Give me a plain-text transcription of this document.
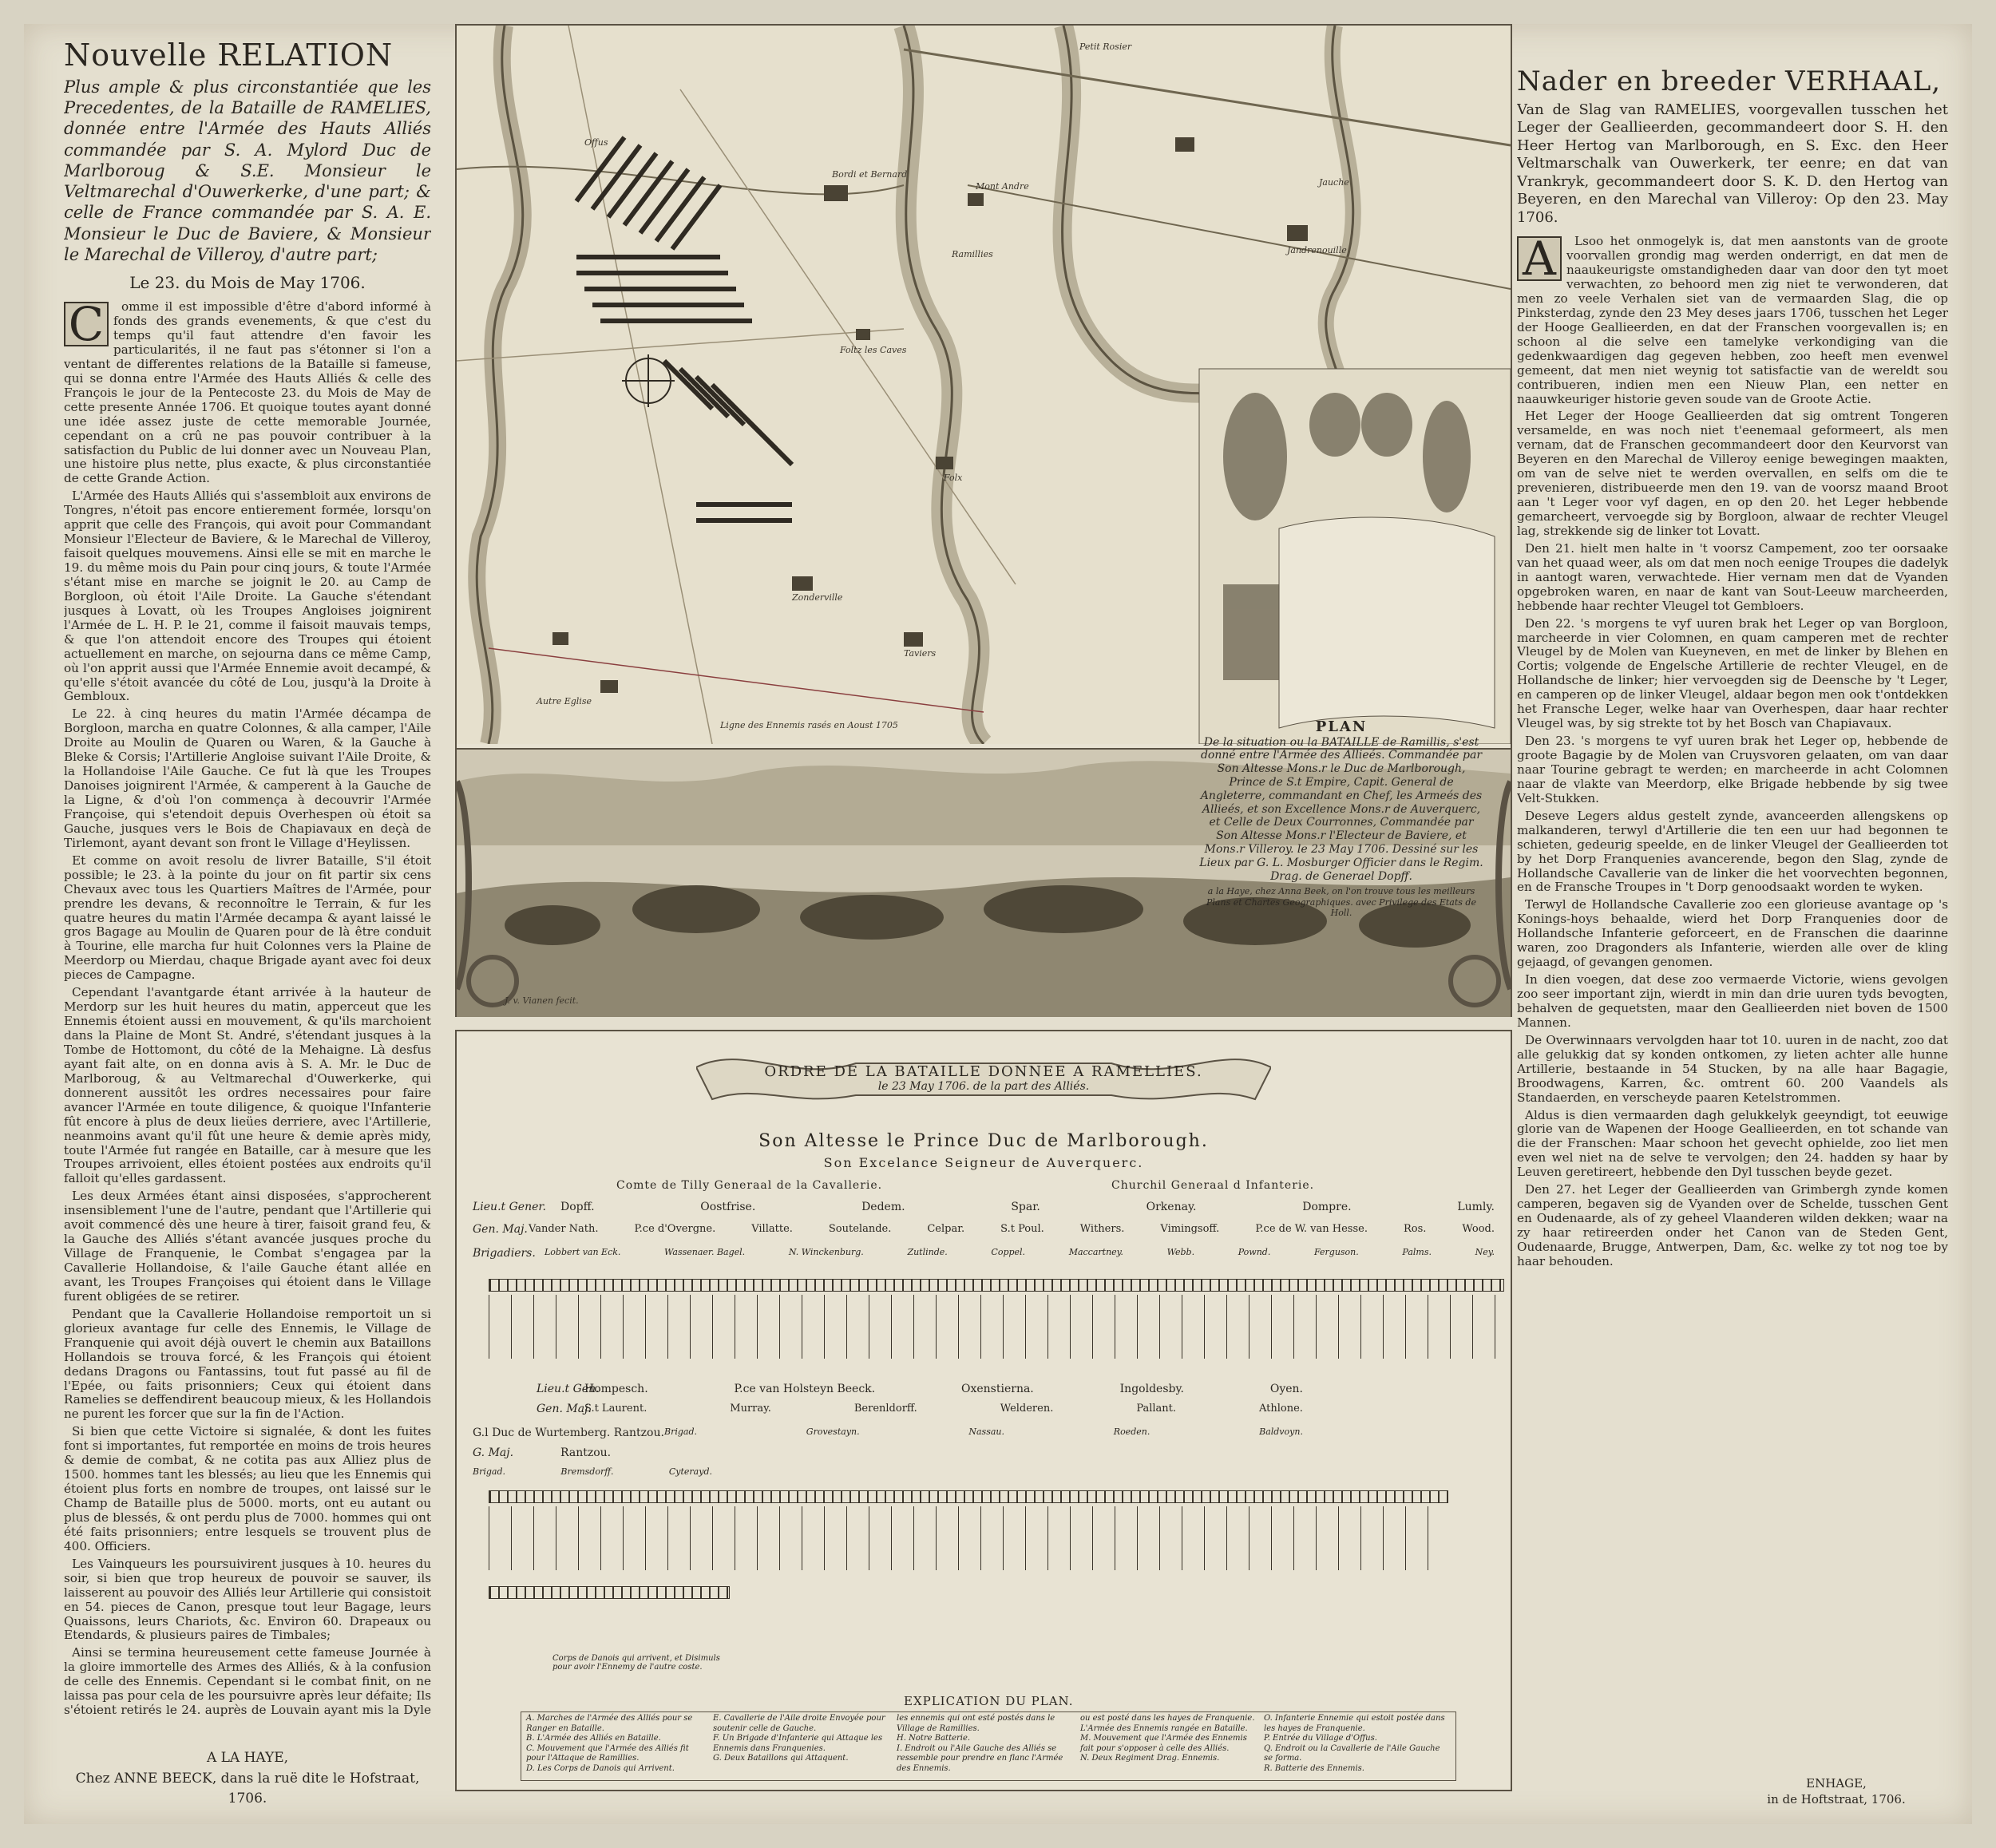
Nouvelle RELATION
Plus ample & plus circonstantiée que les Precedentes, de la Bataille de RAMELIES, donnée entre l'Armée des Hauts Alliés commandée par S. A. Mylord Duc de Marlboroug & S.E. Monsieur le Veltmarechal d'Ouwerkerke, d'une part; & celle de France commandée par S. A. E. Monsieur le Duc de Baviere, & Monsieur le Marechal de Villeroy, d'autre part;
Le 23. du Mois de May 1706.
C	omme il est impossible d'être d'abord informé à fonds des grands evenements, & que c'est du temps qu'il faut attendre d'en favoir les particularités, il ne faut pas s'étonner si l'on a ventant de differentes relations de la Bataille si fameuse, qui se donna entre l'Armée des Hauts Alliés & celle des François le jour de la Pentecoste 23. du Mois de May de cette presente Année 1706. Et quoique toutes ayant donné une idée assez juste de cette memorable Journée, cependant on a crû ne pas pouvoir contribuer à la satisfaction du Public de lui donner avec un Nouveau Plan, une histoire plus nette, plus exacte, & plus circonstantiée de cette Grande Action.

L'Armée des Hauts Alliés qui s'assembloit aux environs de Tongres, n'étoit pas encore entierement formée, lorsqu'on apprit que celle des François, qui avoit pour Commandant Monsieur l'Electeur de Baviere, & le Marechal de Villeroy, faisoit quelques mouvemens. Ainsi elle se mit en marche le 19. du même mois du Pain pour cinq jours, & toute l'Armée s'étant mise en marche se joignit le 20. au Camp de Borgloon, où étoit l'Aile Droite. La Gauche s'étendant jusques à Lovatt, où les Troupes Angloises joignirent l'Armée de L. H. P. le 21, comme il faisoit mauvais temps, & que l'on attendoit encore des Troupes qui étoient actuellement en marche, on sejourna dans ce même Camp, où l'on apprit aussi que l'Armée Ennemie avoit decampé, & qu'elle s'étoit avancée du côté de Lou, jusqu'à la Droite à Gembloux.

Le 22. à cinq heures du matin l'Armée décampa de Borgloon, marcha en quatre Colonnes, & alla camper, l'Aile Droite au Moulin de Quaren ou Waren, & la Gauche à Bleke & Corsis; l'Artillerie Angloise suivant l'Aile Droite, & la Hollandoise l'Aile Gauche. Ce fut là que les Troupes Danoises joignirent l'Armée, & camperent à la Gauche de la Ligne, & d'où l'on commença à decouvrir l'Armée Françoise, qui s'etendoit depuis Overhespen où étoit sa Gauche, jusques vers le Bois de Chapiavaux en deçà de Tirlemont, ayant devant son front le Village d'Heylissen.

Et comme on avoit resolu de livrer Bataille, S'il étoit possible; le 23. à la pointe du jour on fit partir six cens Chevaux avec tous les Quartiers Maîtres de l'Armée, pour prendre les devans, & reconnoître le Terrain, & fur les quatre heures du matin l'Armée decampa & ayant laissé le gros Bagage au Moulin de Quaren pour de là être conduit à Tourine, elle marcha fur huit Colonnes vers la Plaine de Meerdorp ou Mierdau, chaque Brigade ayant avec foi deux pieces de Campagne.

Cependant l'avantgarde étant arrivée à la hauteur de Merdorp sur les huit heures du matin, apperceut que les Ennemis étoient aussi en mouvement, & qu'ils marchoient dans la Plaine de Mont St. André, s'étendant jusques à la Tombe de Hottomont, du côté de la Mehaigne. Là desfus ayant fait alte, on en donna avis à S. A. Mr. le Duc de Marlboroug, & au Veltmarechal d'Ouwerkerke, qui donnerent aussitôt les ordres necessaires pour faire avancer l'Armée en toute diligence, & quoique l'Infanterie fût encore à plus de deux lieües derriere, avec l'Artillerie, neanmoins avant qu'il fût une heure & demie après midy, toute l'Armée fut rangée en Bataille, car à mesure que les Troupes arrivoient, elles étoient postées aux endroits qu'il falloit qu'elles gardassent.

Les deux Armées étant ainsi disposées, s'approcherent insensiblement l'une de l'autre, pendant que l'Artillerie qui avoit commencé dès une heure à tirer, faisoit grand feu, & la Gauche des Alliés s'étant avancée jusques proche du Village de Franquenie, le Combat s'engagea par la Cavallerie Hollandoise, & l'aile Gauche étant allée en avant, les Troupes Françoises qui étoient dans le Village furent obligées de se retirer.

Pendant que la Cavallerie Hollandoise remportoit un si glorieux avantage fur celle des Ennemis, le Village de Franquenie qui avoit déjà ouvert le chemin aux Bataillons Hollandois se trouva forcé, & les François qui étoient dedans Dragons ou Fantassins, tout fut passé au fil de l'Epée, ou faits prisonniers; Ceux qui étoient dans Ramelies se deffendirent beaucoup mieux, & les Hollandois ne purent les forcer que sur la fin de l'Action.

Si bien que cette Victoire si signalée, & dont les fuites font si importantes, fut remportée en moins de trois heures & demie de combat, & ne cotita pas aux Alliez plus de 1500. hommes tant les blessés; au lieu que les Ennemis qui étoient plus forts en nombre de troupes, ont laissé sur le Champ de Bataille plus de 5000. morts, ont eu autant ou plus de blessés, & ont perdu plus de 7000. hommes qui ont été faits prisonniers; entre lesquels se trouvent plus de 400. Officiers.

Les Vainqueurs les poursuivirent jusques à 10. heures du soir, si bien que trop heureux de pouvoir se sauver, ils laisserent au pouvoir des Alliés leur Artillerie qui consistoit en 54. pieces de Canon, presque tout leur Bagage, leurs Quaissons, leurs Chariots, &c. Environ 60. Drapeaux ou Etendards, & plusieurs paires de Timbales;

Ainsi se termina heureusement cette fameuse Journée à la gloire immortelle des Armes des Alliés, & à la confusion de celle des Ennemis. Cependant si le combat finit, on ne laissa pas pour cela de les poursuivre après leur défaite; Ils s'étoient retirés le 24. auprès de Louvain ayant mis la Dyle

A LA HAYE,
Chez ANNE BEECK, dans la ruë dite le Hofstraat, 1706.
Petit Rosier
Bordi et Bernard
Mont Andre
Ramillies	Jandrenouille
Jauche
Folx
Zonderville
Taviers
Ligne des Ennemis rasés en Aoust 1705
Foltz les Caves
Offus
Autre Eglise
J. v. Vianen fecit.
PLAN
De la situation ou la BATAILLE de Ramillis, s'est donné entre l'Armée des Allieés. Commandée par Son Altesse Mons.r le Duc de Marlborough, Prince de S.t Empire, Capit. General de Angleterre, commandant en Chef, les Armeés des Allieés, et son Excellence Mons.r de Auverquerc, et Celle de Deux Courronnes, Commandée par Son Altesse Mons.r l'Electeur de Baviere, et Mons.r Villeroy. le 23 May 1706. Dessiné sur les Lieux par G. L. Mosburger Officier dans le Regim. Drag. de Generael Dopff.
a la Haye, chez Anna Beek, on l'on trouve tous les meilleurs Plans et Chartes Geographiques. avec Privilege des Etats de Holl.
ORDRE DE LA BATAILLE DONNEE A RAMELLIES.
le 23 May 1706. de la part des Alliés.
Son Altesse le Prince Duc de Marlborough.
Son Excelance Seigneur de Auverquerc.
Comte de Tilly Generaal de la Cavallerie.	Churchil Generaal d Infanterie.
Lieu.t Gener. Dopff.	Oostfrise.	Dedem.	Spar.	Orkenay.	Dompre.	Lumly.
Gen. Maj. Vander Nath.	P.ce d'Overgne.	Villatte.	Soutelande.	Celpar.	S.t Poul.	Withers.	Vimingsoff.	P.ce de W. van Hesse.	Ros.	Wood.
Brigadiers. Lobbert van Eck.	Wassenaer. Bagel.	N. Winckenburg.	Zutlinde.	Coppel.	Maccartney.	Webb.	Pownd.	Ferguson.	Palms.	Ney.
Lieu.t Gen.
Hompesch.	P.ce van Holsteyn Beeck.	Oxenstierna.	Ingoldesby.	Oyen.
Gen. Maj.
S.t Laurent.	Murray.	Berenldorff.	Welderen.	Pallant.	Athlone.
G.l Duc de Wurtemberg. Rantzou. Brigad.	Grovestayn.	Nassau.	Roeden.	Baldvoyn.
G. Maj.	Rantzou.
Brigad.	Bremsdorff.	Cyterayd.
Corps de Danois qui arrivent, et Disimuls pour avoir l'Ennemy de l'autre coste.
EXPLICATION DU PLAN.
A. Marches de l'Armée des Alliés pour se Ranger en Bataille.
B. L'Armée des Alliés en Bataille.
C. Mouvement que l'Armée des Alliés fit pour l'Attaque de Ramillies.
D. Les Corps de Danois qui Arrivent.
E. Cavallerie de l'Aile droite Envoyée pour soutenir celle de Gauche.
F. Un Brigade d'Infanterie qui Attaque les Ennemis dans Franquenies.
G. Deux Bataillons qui Attaquent.
les ennemis qui ont esté postés dans le Village de Ramillies.
H. Notre Batterie.
I. Endroit ou l'Aile Gauche des Alliés se ressemble pour prendre en flanc l'Armée des Ennemis.
ou est posté dans les hayes de Franquenie.
L'Armée des Ennemis rangée en Bataille.
M. Mouvement que l'Armée des Ennemis fait pour s'opposer à celle des Alliés.
N. Deux Regiment Drag. Ennemis.
O. Infanterie Ennemie qui estoit postée dans les hayes de Franquenie.
P. Entrée du Village d'Offus.
Q. Endroit ou la Cavallerie de l'Aile Gauche se forma.
R. Batterie des Ennemis.
Nader en breeder VERHAAL,
Van de Slag van RAMELIES, voorgevallen tusschen het Leger der Geallieerden, gecommandeert door S. H. den Heer Hertog van Marlborough, en S. Exc. den Heer Veltmarschalk van Ouwerkerk, ter eenre; en dat van Vrankryk, gecommandeert door S. K. D. den Hertog van Beyeren, en den Marechal van Villeroy: Op den 23. May 1706.
A	Lsoo het onmogelyk is, dat men aanstonts van de groote voorvallen grondig mag werden onderrigt, en dat men de naaukeurigste omstandigheden daar van door den tyt moet verwachten, zo behoord men zig niet te verwonderen, dat men zo veele Verhalen siet van de vermaarden Slag, die op Pinksterdag, zynde den 23 Mey deses jaars 1706, tusschen het Leger der Hooge Geallieerden, en dat der Franschen voorgevallen is; en schoon al die selve een tamelyke verkondiging van die gedenkwaardigen dag gegeven hebben, zoo heeft men evenwel gemeent, dat men niet weynig tot satisfactie van de wereldt sou contribueren, indien men een Nieuw Plan, een netter en naauwkeuriger historie geven soude van de Groote Actie.

Het Leger der Hooge Geallieerden dat sig omtrent Tongeren versamelde, en was noch niet t'eenemaal geformeert, als men vernam, dat de Franschen gecommandeert door den Keurvorst van Beyeren en den Marechal de Villeroy eenige bewegingen maakten, om van de selve niet te werden overvallen, en selfs om die te prevenieren, distribueerde men den 19. van de voorsz maand Broot aan 't Leger voor vyf dagen, en op den 20. het Leger hebbende gemarcheert, vervoegde sig by Borgloon, alwaar de rechter Vleugel lag, strekkende sig de linker tot Lovatt.

Den 21. hielt men halte in 't voorsz Campement, zoo ter oorsaake van het quaad weer, als om dat men noch eenige Troupes die dadelyk in aantogt waren, verwachtede. Hier vernam men dat de Vyanden opgebroken waren, en naar de kant van Sout-Leeuw marcheerden, hebbende haar rechter Vleugel tot Gembloers.

Den 22. 's morgens te vyf uuren brak het Leger op van Borgloon, marcheerde in vier Colomnen, en quam camperen met de rechter Vleugel by de Molen van Kueyneven, en met de linker by Blehen en Cortis; volgende de Engelsche Artillerie de rechter Vleugel, en de Hollandsche de linker; hier vervoegden sig de Deensche by 't Leger, en camperen op de linker Vleugel, aldaar begon men ook t'ontdekken het Fransche Leger, welke haar van Overhespen, daar haar rechter Vleugel was, by sig strekte tot by het Bosch van Chapiavaux.

Den 23. 's morgens te vyf uuren brak het Leger op, hebbende de groote Bagagie by de Molen van Cruysvoren gelaaten, om van daar naar Tourine gebragt te werden; en marcheerde in acht Colomnen naar de vlakte van Meerdorp, elke Brigade hebbende by sig twee Velt-Stukken.

Deseve Legers aldus gestelt zynde, avanceerden allengskens op malkanderen, terwyl d'Artillerie die ten een uur had begonnen te schieten, gedeurig speelde, en de linker Vleugel der Geallieerden tot by het Dorp Franquenies avancerende, begon den Slag, zynde de Hollandsche Cavallerie van de linker die het voorvechten begonnen, en de Fransche Troupes in 't Dorp genoodsaakt worden te wyken.

Terwyl de Hollandsche Cavallerie zoo een glorieuse avantage op 's Konings-hoys behaalde, wierd het Dorp Franquenies door de Hollandsche Infanterie geforceert, en de Franschen die daarinne waren, zoo Dragonders als Infanterie, wierden alle over de kling gejaagd, of gevangen genomen.

In dien voegen, dat dese zoo vermaerde Victorie, wiens gevolgen zoo seer important zijn, wierdt in min dan drie uuren tyds bevogten, behalven de gequetsten, maar den Geallieerden niet boven de 1500 Mannen.

De Overwinnaars vervolgden haar tot 10. uuren in de nacht, zoo dat alle gelukkig dat sy konden ontkomen, zy lieten achter alle hunne Artillerie, bestaande in 54 Stucken, by na alle haar Bagagie, Broodwagens, Karren, &c. omtrent 60. 200 Vaandels als Standaerden, en verscheyde paaren Ketelstrommen.

Aldus is dien vermaarden dagh gelukkelyk geeyndigt, tot eeuwige glorie van de Wapenen der Hooge Geallieerden, en tot schande van die der Franschen: Maar schoon het gevecht ophielde, zoo liet men even wel niet na de selve te vervolgen; den 24. hadden sy haar by Leuven geretireert, hebbende den Dyl tusschen beyde gezet.

Den 27. het Leger der Geallieerden van Grimbergh zynde komen camperen, begaven sig de Vyanden over de Schelde, tusschen Gent en Oudenaarde, als of zy geheel Vlaanderen wilden dekken; waar na zy haar retireerden onder het Canon van de Steden Gent, Oudenaarde, Brugge, Antwerpen, Dam, &c. welke zy tot nog toe by haar behouden.

ENHAGE,
in de Hoftstraat, 1706.
